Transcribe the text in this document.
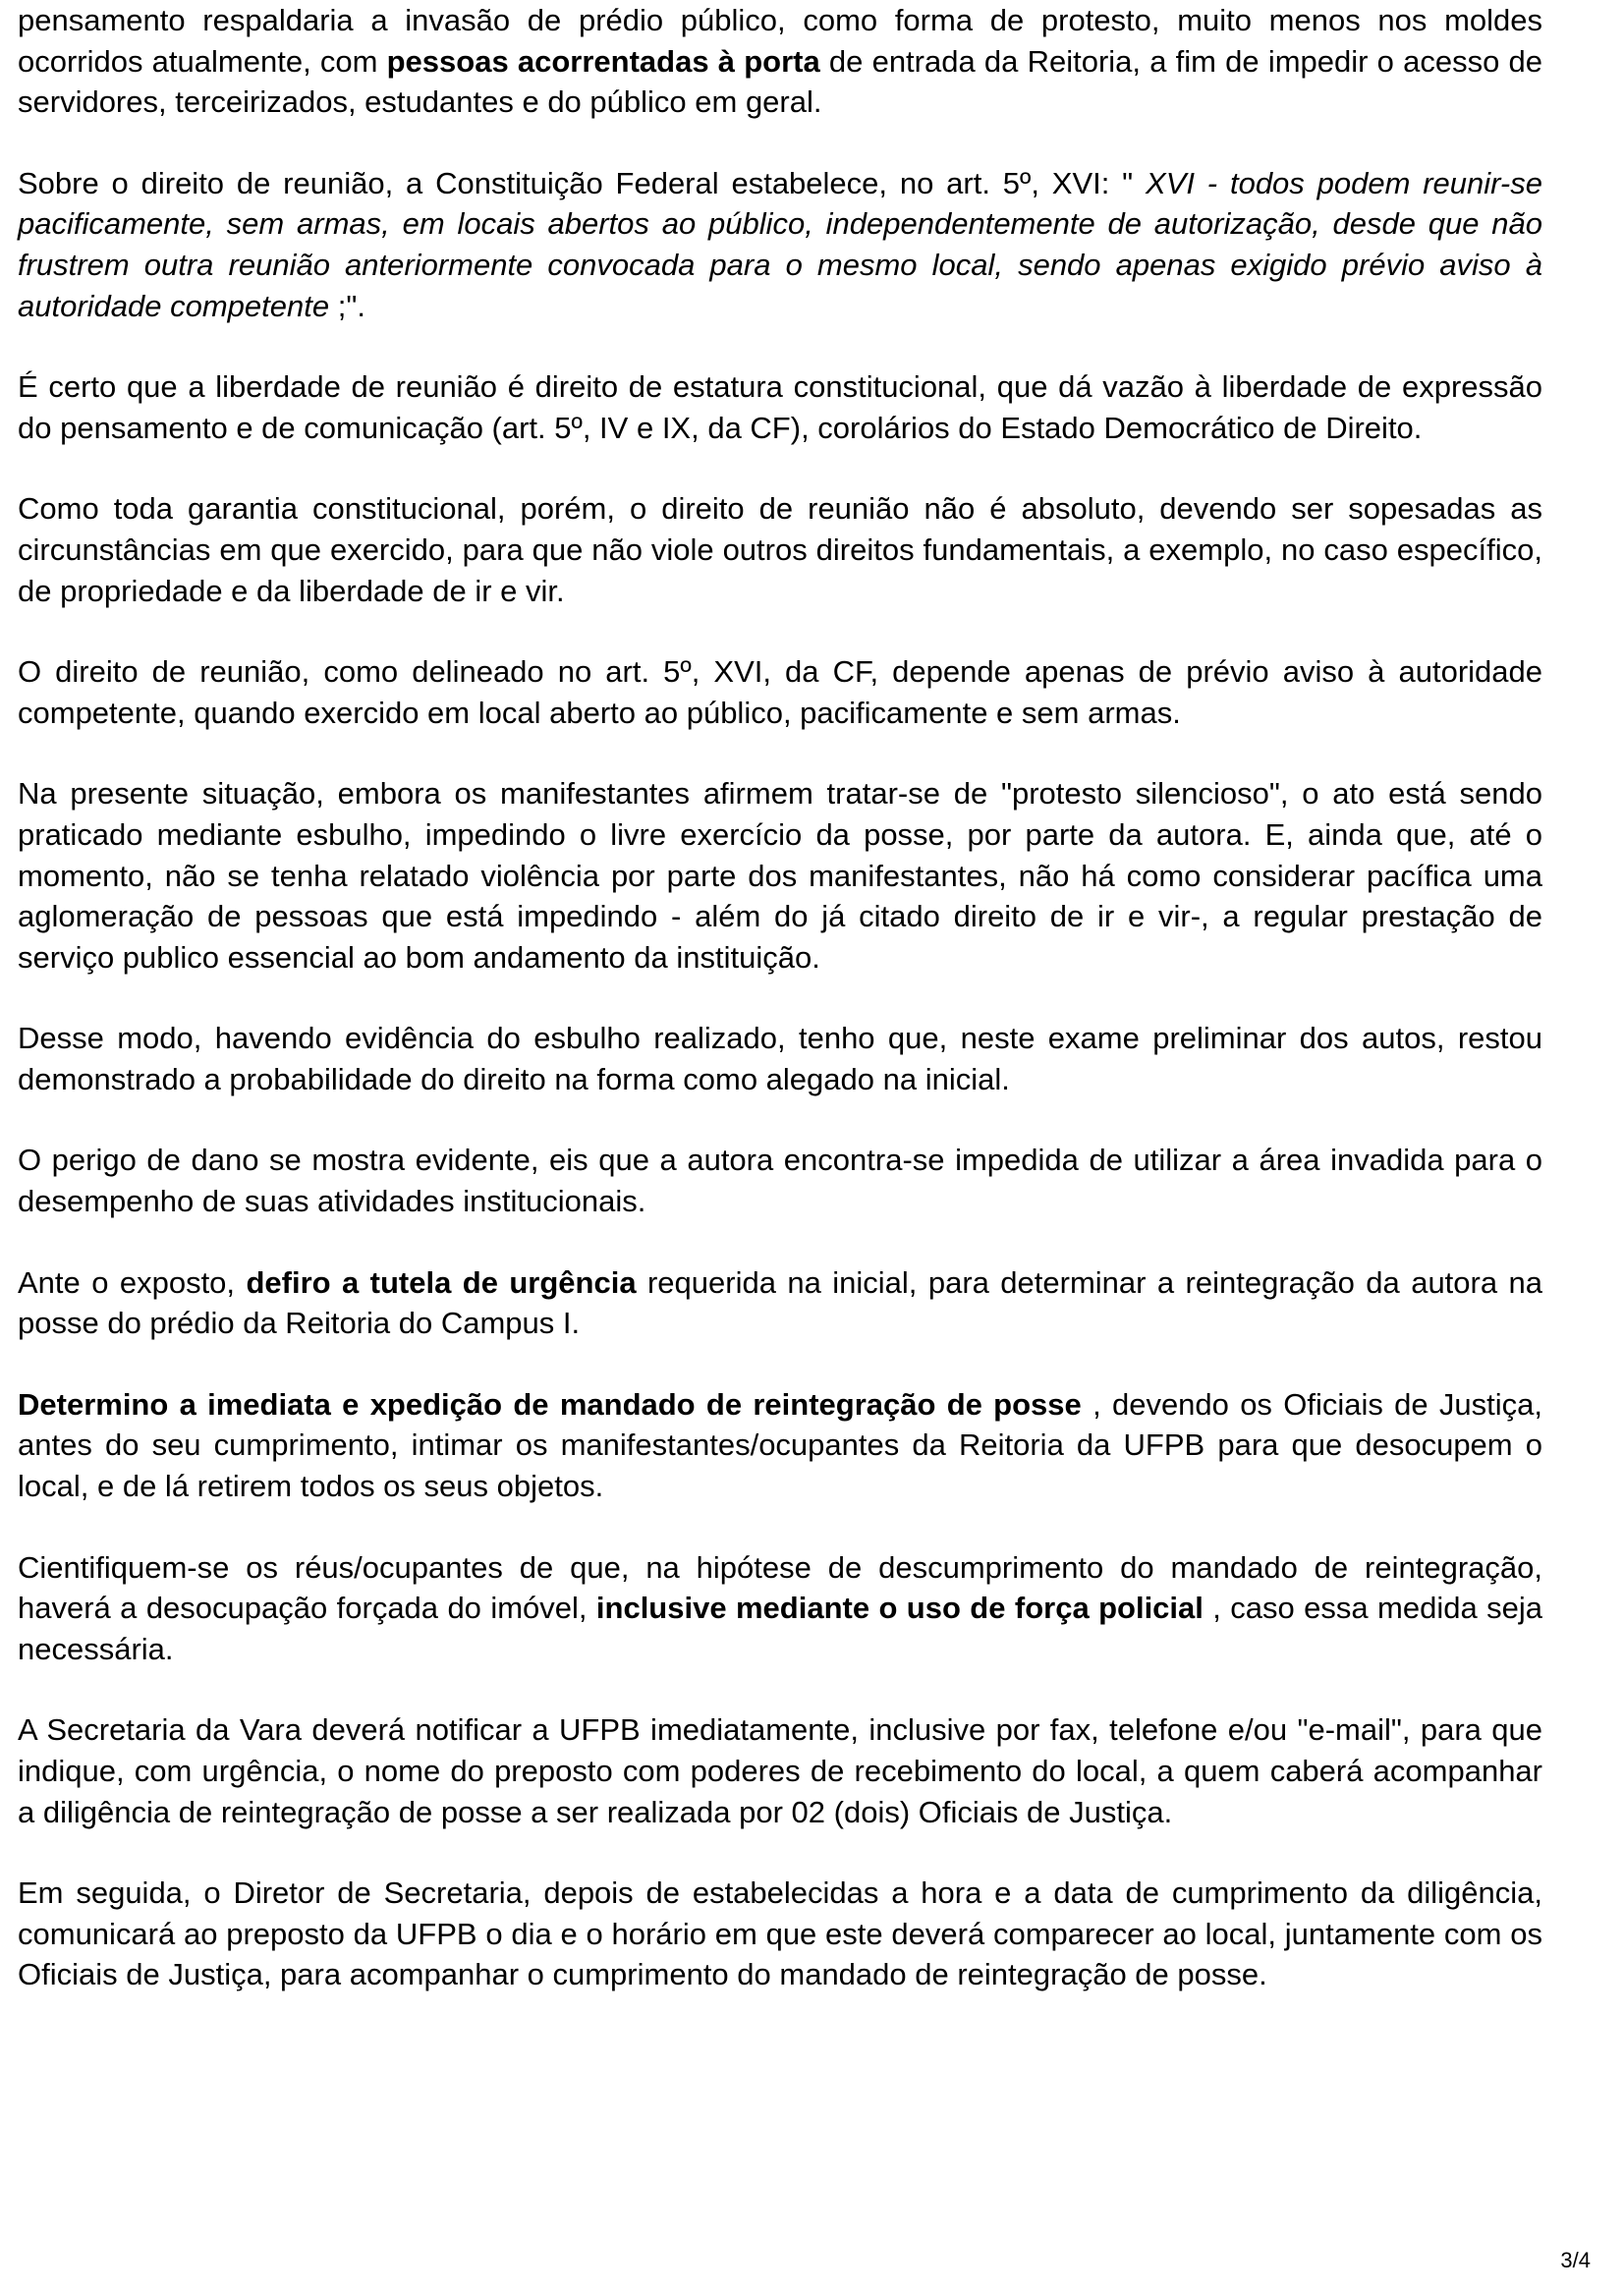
pensamento respaldaria a invasão de prédio público, como forma de protesto, muito menos nos moldes ocorridos atualmente, com pessoas acorrentadas à porta de entrada da Reitoria, a fim de impedir o acesso de servidores, terceirizados, estudantes e do público em geral.

Sobre o direito de reunião, a Constituição Federal estabelece, no art. 5º, XVI: " XVI - todos podem reunir-se pacificamente, sem armas, em locais abertos ao público, independentemente de autorização, desde que não frustrem outra reunião anteriormente convocada para o mesmo local, sendo apenas exigido prévio aviso à autoridade competente ;".

É certo que a liberdade de reunião é direito de estatura constitucional, que dá vazão à liberdade de expressão do pensamento e de comunicação (art. 5º, IV e IX, da CF), corolários do Estado Democrático de Direito.

Como toda garantia constitucional, porém, o direito de reunião não é absoluto, devendo ser sopesadas as circunstâncias em que exercido, para que não viole outros direitos fundamentais, a exemplo, no caso específico, de propriedade e da liberdade de ir e vir.

O direito de reunião, como delineado no art. 5º, XVI, da CF, depende apenas de prévio aviso à autoridade competente, quando exercido em local aberto ao público, pacificamente e sem armas.

Na presente situação, embora os manifestantes afirmem tratar-se de "protesto silencioso", o ato está sendo praticado mediante esbulho, impedindo o livre exercício da posse, por parte da autora. E, ainda que, até o momento, não se tenha relatado violência por parte dos manifestantes, não há como considerar pacífica uma aglomeração de pessoas que está impedindo - além do já citado direito de ir e vir-, a regular prestação de serviço publico essencial ao bom andamento da instituição.

Desse modo, havendo evidência do esbulho realizado, tenho que, neste exame preliminar dos autos, restou demonstrado a probabilidade do direito na forma como alegado na inicial.

O perigo de dano se mostra evidente, eis que a autora encontra-se impedida de utilizar a área invadida para o desempenho de suas atividades institucionais.

Ante o exposto, defiro a tutela de urgência requerida na inicial, para determinar a reintegração da autora na posse do prédio da Reitoria do Campus I.

Determino a imediata e xpedição de mandado de reintegração de posse , devendo os Oficiais de Justiça, antes do seu cumprimento, intimar os manifestantes/ocupantes da Reitoria da UFPB para que desocupem o local, e de lá retirem todos os seus objetos.

Cientifiquem-se os réus/ocupantes de que, na hipótese de descumprimento do mandado de reintegração, haverá a desocupação forçada do imóvel, inclusive mediante o uso de força policial , caso essa medida seja necessária.

A Secretaria da Vara deverá notificar a UFPB imediatamente, inclusive por fax, telefone e/ou "e-mail", para que indique, com urgência, o nome do preposto com poderes de recebimento do local, a quem caberá acompanhar a diligência de reintegração de posse a ser realizada por 02 (dois) Oficiais de Justiça.

Em seguida, o Diretor de Secretaria, depois de estabelecidas a hora e a data de cumprimento da diligência, comunicará ao preposto da UFPB o dia e o horário em que este deverá comparecer ao local, juntamente com os Oficiais de Justiça, para acompanhar o cumprimento do mandado de reintegração de posse.

3/4
